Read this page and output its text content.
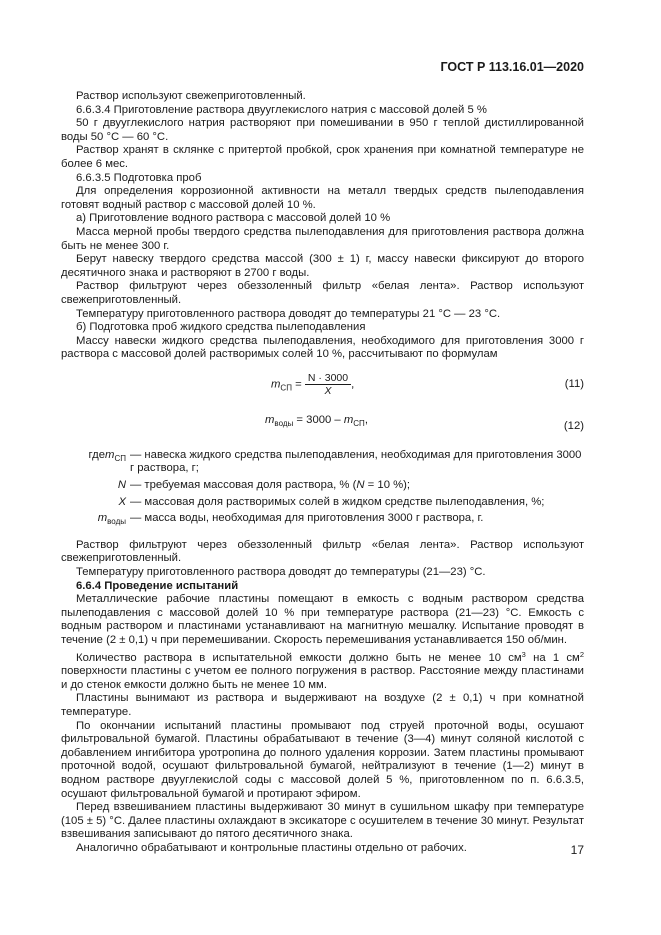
ГОСТ Р 113.16.01—2020

Раствор используют свежеприготовленный.

6.6.3.4 Приготовление раствора двууглекислого натрия с массовой долей 5 %

50 г двууглекислого натрия растворяют при помешивании в 950 г теплой дистиллированной воды 50 °С — 60 °С.

Раствор хранят в склянке с притертой пробкой, срок хранения при комнатной температуре не более 6 мес.

6.6.3.5 Подготовка проб

Для определения коррозионной активности на металл твердых средств пылеподавления готовят водный раствор с массовой долей 10 %.

а) Приготовление водного раствора с массовой долей 10 %

Масса мерной пробы твердого средства пылеподавления для приготовления раствора должна быть не менее 300 г.

Берут навеску твердого средства массой (300 ± 1) г, массу навески фиксируют до второго десятичного знака и растворяют в 2700 г воды.

Раствор фильтруют через обеззоленный фильтр «белая лента». Раствор используют свежеприготовленный.

Температуру приготовленного раствора доводят до температуры 21 °С — 23 °С.

б) Подготовка проб жидкого средства пылеподавления

Массу навески жидкого средства пылеподавления, необходимого для приготовления 3000 г раствора с массовой долей растворимых солей 10 %, рассчитывают по формулам

$m_{СП} = \frac{N \cdot 3000}{X}$ ,	(11)
$m_{воды} = 3000 - m_{СП}$,	(12)
гдеm$_{СП}$ — навеска жидкого средства пылеподавления, необходимая для приготовления 3000 г раствора, г;
N — требуемая массовая доля раствора, % (N = 10 %);
X — массовая доля растворимых солей в жидком средстве пылеподавления, %;
$m_{воды}$ — масса воды, необходимая для приготовления 3000 г раствора, г.

Раствор фильтруют через обеззоленный фильтр «белая лента». Раствор используют свежеприготовленный.

Температуру приготовленного раствора доводят до температуры (21—23) °С.

6.6.4 Проведение испытаний

Металлические рабочие пластины помещают в емкость с водным раствором средства пылеподавления с массовой долей 10 % при температуре раствора (21—23) °С. Емкость с водным раствором и пластинами устанавливают на магнитную мешалку. Испытание проводят в течение (2 ± 0,1) ч при перемешивании. Скорость перемешивания устанавливается 150 об/мин.

Количество раствора в испытательной емкости должно быть не менее 10 $см^3$ на 1 $см^2$ поверхности пластины с учетом ее полного погружения в раствор. Расстояние между пластинами и до стенок емкости должно быть не менее 10 мм.

Пластины вынимают из раствора и выдерживают на воздухе (2 ± 0,1) ч при комнатной температуре.

По окончании испытаний пластины промывают под струей проточной воды, осушают фильтровальной бумагой. Пластины обрабатывают в течение (3—4) минут соляной кислотой с добавлением ингибитора уротропина до полного удаления коррозии. Затем пластины промывают проточной водой, осушают фильтровальной бумагой, нейтрализуют в течение (1—2) минут в водном растворе двууглекислой соды с массовой долей 5 %, приготовленном по п. 6.6.3.5, осушают фильтровальной бумагой и протирают эфиром.

Перед взвешиванием пластины выдерживают 30 минут в сушильном шкафу при температуре (105 ± 5) °С. Далее пластины охлаждают в эксикаторе с осушителем в течение 30 минут. Результат взвешивания записывают до пятого десятичного знака.

Аналогично обрабатывают и контрольные пластины отдельно от рабочих.	17
